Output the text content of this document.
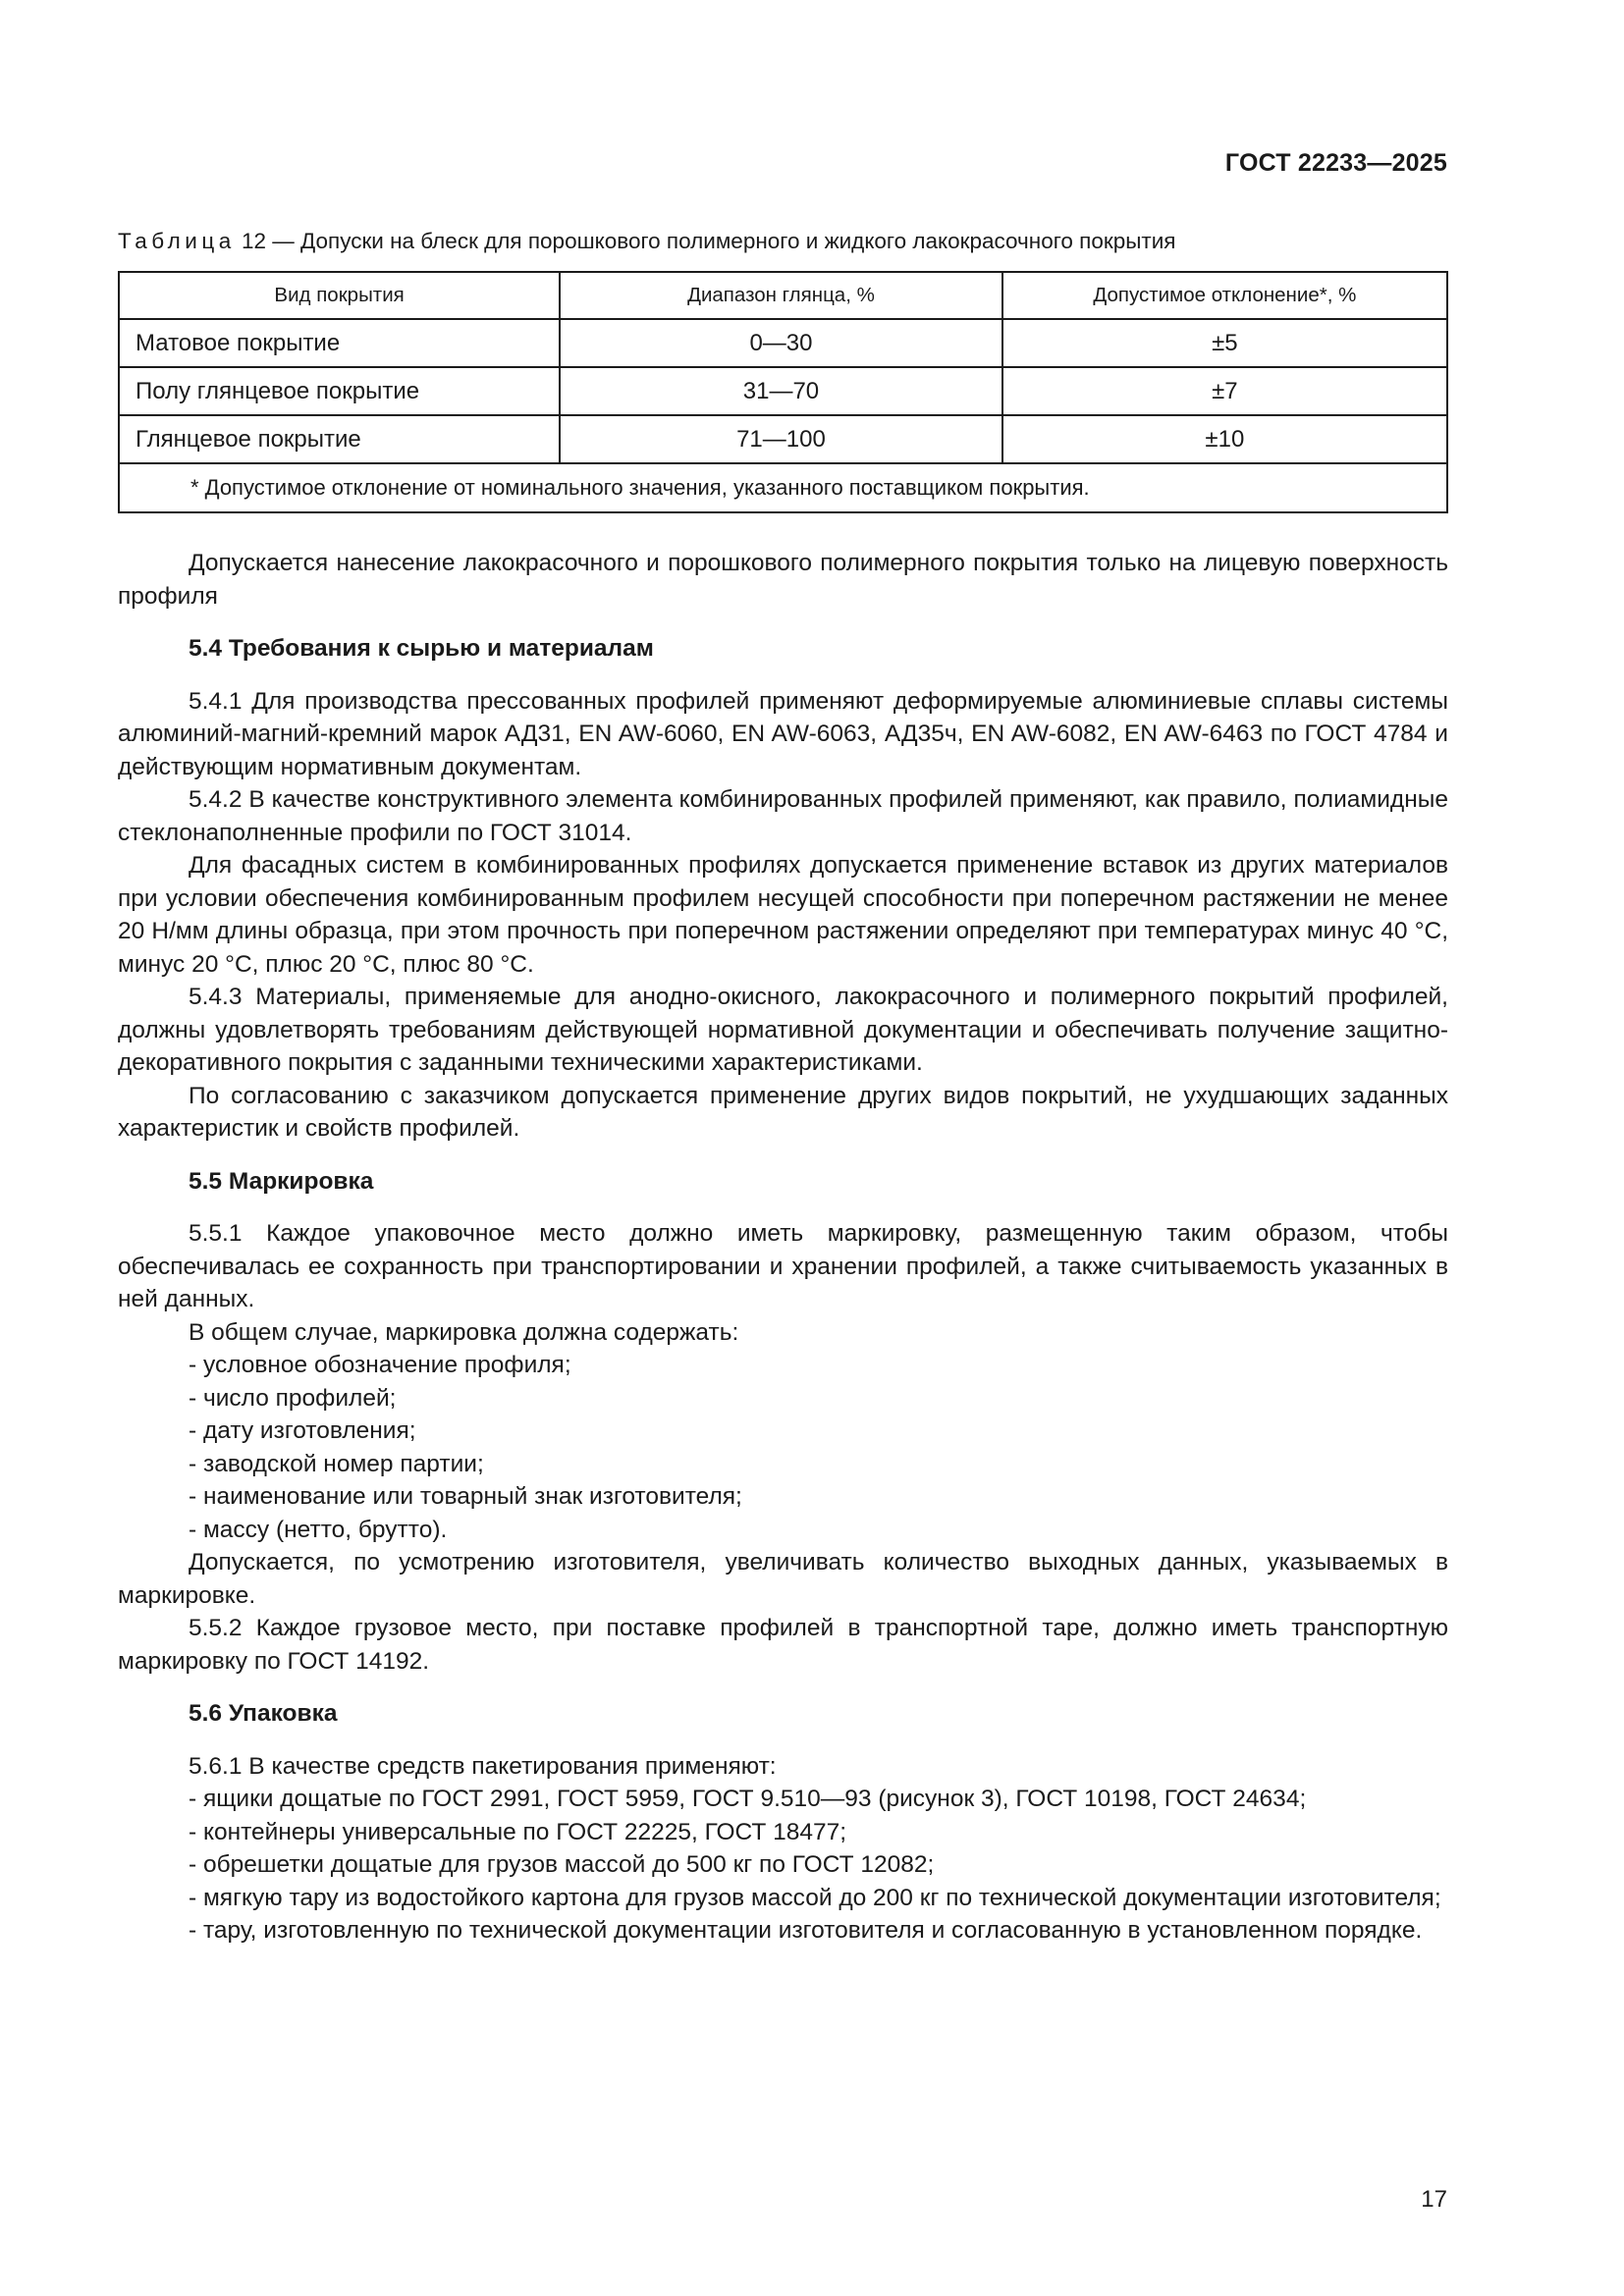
ГОСТ 22233—2025
Таблица 12 — Допуски на блеск для порошкового полимерного и жидкого лакокрасочного покрытия
Вид покрытия	Диапазон глянца, %	Допустимое отклонение*, %
Матовое покрытие	0—30	±5
Полу глянцевое покрытие	31—70	±7
Глянцевое покрытие	71—100	±10
* Допустимое отклонение от номинального значения, указанного поставщиком покрытия.		

Допускается нанесение лакокрасочного и порошкового полимерного покрытия только на лицевую поверхность профиля

5.4 Требования к сырью и материалам

5.4.1 Для производства прессованных профилей применяют деформируемые алюминиевые сплавы системы алюминий-магний-кремний марок АД31, EN AW-6060, EN AW-6063, АД35ч, EN AW-6082, EN AW-6463 по ГОСТ 4784 и действующим нормативным документам.

5.4.2 В качестве конструктивного элемента комбинированных профилей применяют, как правило, полиамидные стеклонаполненные профили по ГОСТ 31014.

Для фасадных систем в комбинированных профилях допускается применение вставок из других материалов при условии обеспечения комбинированным профилем несущей способности при поперечном растяжении не менее 20 Н/мм длины образца, при этом прочность при поперечном растяжении определяют при температурах минус 40 °С, минус 20 °С, плюс 20 °С, плюс 80 °С.

5.4.3 Материалы, применяемые для анодно-окисного, лакокрасочного и полимерного покрытий профилей, должны удовлетворять требованиям действующей нормативной документации и обеспечивать получение защитно-декоративного покрытия с заданными техническими характеристиками.

По согласованию с заказчиком допускается применение других видов покрытий, не ухудшающих заданных характеристик и свойств профилей.

5.5 Маркировка

5.5.1 Каждое упаковочное место должно иметь маркировку, размещенную таким образом, чтобы обеспечивалась ее сохранность при транспортировании и хранении профилей, а также считываемость указанных в ней данных.

В общем случае, маркировка должна содержать:

- условное обозначение профиля;

- число профилей;

- дату изготовления;

- заводской номер партии;

- наименование или товарный знак изготовителя;

- массу (нетто, брутто).

Допускается, по усмотрению изготовителя, увеличивать количество выходных данных, указываемых в маркировке.

5.5.2 Каждое грузовое место, при поставке профилей в транспортной таре, должно иметь транспортную маркировку по ГОСТ 14192.

5.6 Упаковка

5.6.1 В качестве средств пакетирования применяют:

- ящики дощатые по ГОСТ 2991, ГОСТ 5959, ГОСТ 9.510—93 (рисунок 3), ГОСТ 10198, ГОСТ 24634;

- контейнеры универсальные по ГОСТ 22225, ГОСТ 18477;

- обрешетки дощатые для грузов массой до 500 кг по ГОСТ 12082;

- мягкую тару из водостойкого картона для грузов массой до 200 кг по технической документации изготовителя;

- тару, изготовленную по технической документации изготовителя и согласованную в установленном порядке.

17
